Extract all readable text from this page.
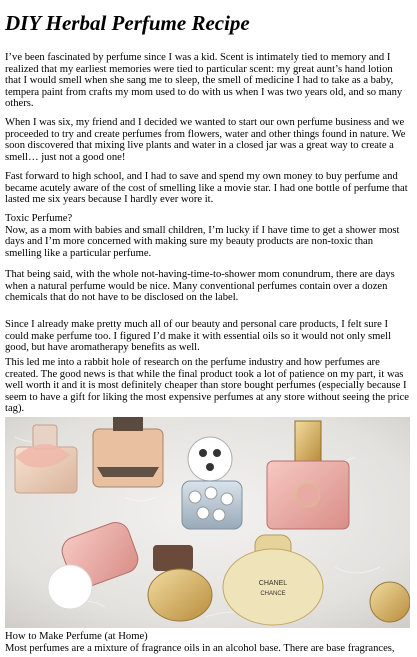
DIY Herbal Perfume Recipe

I’ve been fascinated by perfume since I was a kid. Scent is intimately tied to memory and I realized that my earliest memories were tied to particular scent: my great aunt’s hand lotion that I would smell when she sang me to sleep, the smell of medicine I had to take as a baby, tempera paint from crafts my mom used to do with us when I was two years old, and so many others.

When I was six, my friend and I decided we wanted to start our own perfume business and we proceeded to try and create perfumes from flowers, water and other things found in nature. We soon discovered that mixing live plants and water in a closed jar was a great way to create a smell… just not a good one!

Fast forward to high school, and I had to save and spend my own money to buy perfume and became acutely aware of the cost of smelling like a movie star. I had one bottle of perfume that lasted me six years because I hardly ever wore it.

Toxic Perfume?

Now, as a mom with babies and small children, I’m lucky if I have time to get a shower most days and I’m more concerned with making sure my beauty products are non-toxic than smelling like a particular perfume.

That being said, with the whole not-having-time-to-shower mom conundrum, there are days when a natural perfume would be nice. Many conventional perfumes contain over a dozen chemicals that do not have to be disclosed on the label.

Since I already make pretty much all of our beauty and personal care products, I felt sure I could make perfume too. I figured I’d make it with essential oils so it would not only smell good, but have aromatherapy benefits as well.

This led me into a rabbit hole of research on the perfume industry and how perfumes are created. The good news is that while the final product took a lot of patience on my part, it was well worth it and it is most definitely cheaper than store bought perfumes (especially because I seem to have a gift for liking the most expensive perfumes at any store without seeing the price tag).

CHANEL
CHANCE

How to Make Perfume (at Home)

Most perfumes are a mixture of fragrance oils in an alcohol base. There are base fragrances,
